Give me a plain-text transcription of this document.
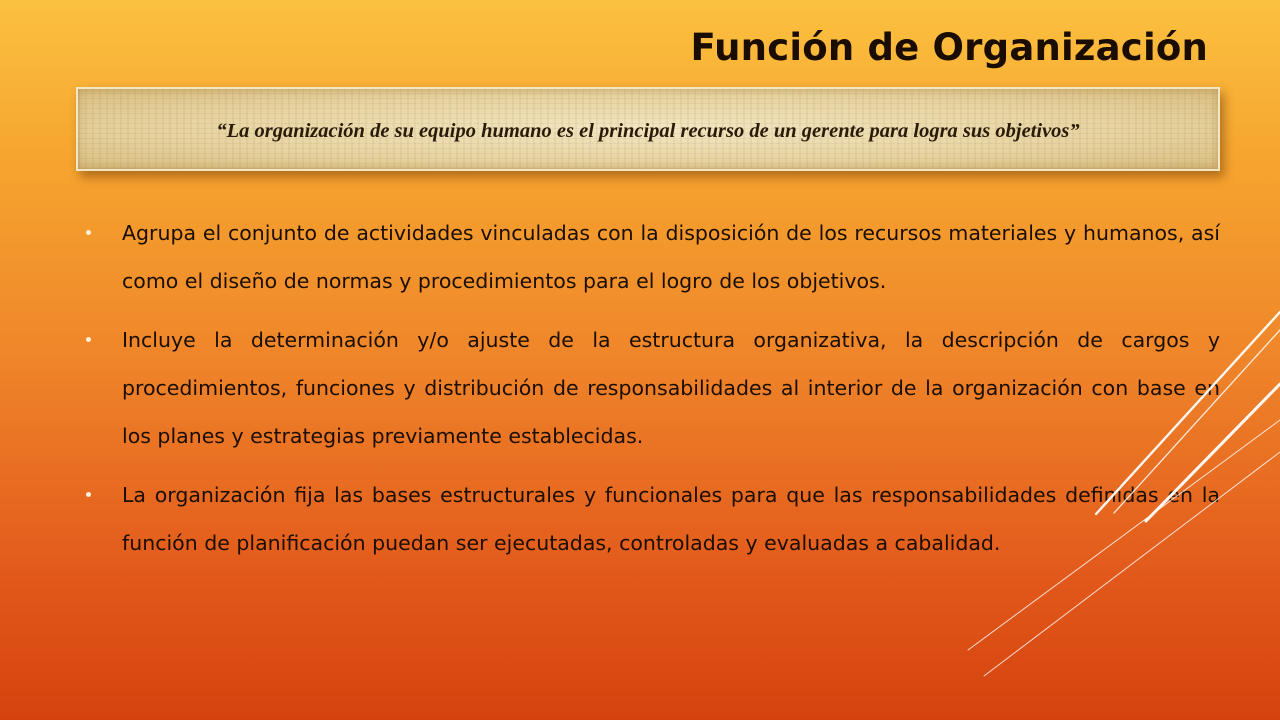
Función de Organización
“La organización de su equipo humano es el principal recurso de un gerente para logra sus objetivos”
Agrupa el conjunto de actividades vinculadas con la disposición de los recursos materiales y humanos, así como el diseño de normas y procedimientos para el logro de los objetivos.
Incluye la determinación y/o ajuste de la estructura organizativa, la descripción de cargos y procedimientos, funciones y distribución de responsabilidades al interior de la organización con base en los planes y estrategias previamente establecidas.
La organización fija las bases estructurales y funcionales para que las responsabilidades definidas en la función de planificación puedan ser ejecutadas, controladas y evaluadas a cabalidad.
